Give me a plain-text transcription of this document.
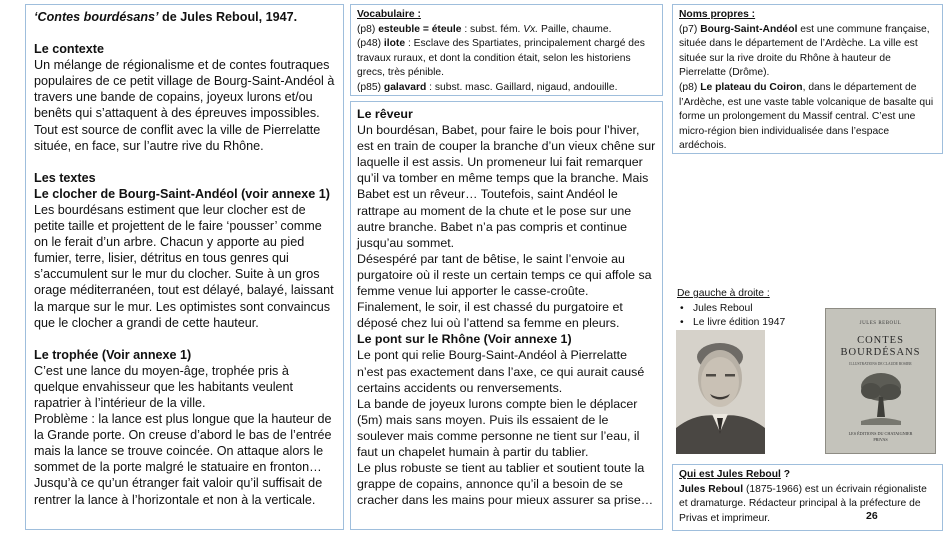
‘Contes bourdésans’ de Jules Reboul, 1947.

Le contexte

Un mélange de régionalisme et de contes foutraques populaires de ce petit village de Bourg-Saint-Andéol à travers une bande de copains, joyeux lurons et/ou benêts qui s’attaquent à des épreuves impossibles. Tout est source de conflit avec la ville de Pierrelatte située, en face, sur l’autre rive du Rhône.

Les textes

Le clocher de Bourg-Saint-Andéol (voir annexe 1)

Les bourdésans estiment que leur clocher est de petite taille et projettent de le faire ‘pousser’ comme on le ferait d’un arbre. Chacun y apporte au pied fumier, terre, lisier, détritus en tous genres qui s’accumulent sur le mur du clocher. Suite à un gros orage méditerranéen, tout est délayé, balayé, laissant la marque sur le mur. Les optimistes sont convaincus que le clocher a grandi de cette hauteur.

Le trophée (Voir annexe 1)

C’est une lance du moyen-âge, trophée pris à quelque envahisseur que les habitants veulent rapatrier à l’intérieur de la ville.

Problème : la lance est plus longue que la hauteur de la Grande porte. On creuse d’abord le bas de l’entrée mais la lance se trouve coincée. On attaque alors le sommet de la porte malgré le statuaire en fronton… Jusqu’à ce qu’un étranger fait valoir qu’il suffisait de rentrer la lance à l’horizontale et non à la verticale.

Vocabulaire :

(p8) esteuble = éteule : subst. fém. Vx. Paille, chaume.

(p48) ilote : Esclave des Spartiates, principalement chargé des travaux ruraux, et dont la condition était, selon les historiens grecs, très pénible.

(p85) galavard : subst. masc. Gaillard, nigaud, andouille.

Le rêveur

Un bourdésan, Babet, pour faire le bois pour l’hiver, est en train de couper la branche d’un vieux chêne sur laquelle il est assis. Un promeneur lui fait remarquer qu’il va tomber en même temps que la branche. Mais Babet est un rêveur… Toutefois, saint Andéol le rattrape au moment de la chute et le pose sur une autre branche. Babet n’a pas compris et continue jusqu’au sommet.

Désespéré par tant de bêtise, le saint l’envoie au purgatoire où il reste un certain temps ce qui affole sa femme venue lui apporter le casse-croûte. Finalement, le soir, il est chassé du purgatoire et déposé chez lui où l’attend sa femme en pleurs.

Le pont sur le Rhône (Voir annexe 1)

Le pont qui relie Bourg-Saint-Andéol à Pierrelatte n’est pas exactement dans l’axe, ce qui aurait causé certains accidents ou renversements.

La bande de joyeux lurons compte bien le déplacer (5m) mais sans moyen. Puis ils essaient de le soulever mais comme personne ne tient sur l’eau, il faut un chapelet humain à partir du tablier.

Le plus robuste se tient au tablier et soutient toute la grappe de copains, annonce qu’il a besoin de se cracher dans les mains pour mieux assurer sa prise…

Noms propres :

(p7) Bourg-Saint-Andéol est une commune française, située dans le département de l’Ardèche. La ville est située sur la rive droite du Rhône à hauteur de Pierrelatte (Drôme).

(p8) Le plateau du Coiron, dans le département de l’Ardèche, est une vaste table volcanique de basalte qui forme un prolongement du Massif central. C’est une micro-région bien individualisée dans l’espace ardéchois.

De gauche à droite :

• Jules Reboul
• Le livre édition 1947	JULES REBOUL
CONTES
BOURDÉSANS
ILLUSTRATIONS DE CLAUDE ROSIER
LES ÉDITIONS DU CHATAIGNIER
PRIVAS

Qui est Jules Reboul ?

Jules Reboul (1875-1966) est un écrivain régionaliste et dramaturge. Rédacteur principal à la préfecture de Privas et imprimeur.	26
